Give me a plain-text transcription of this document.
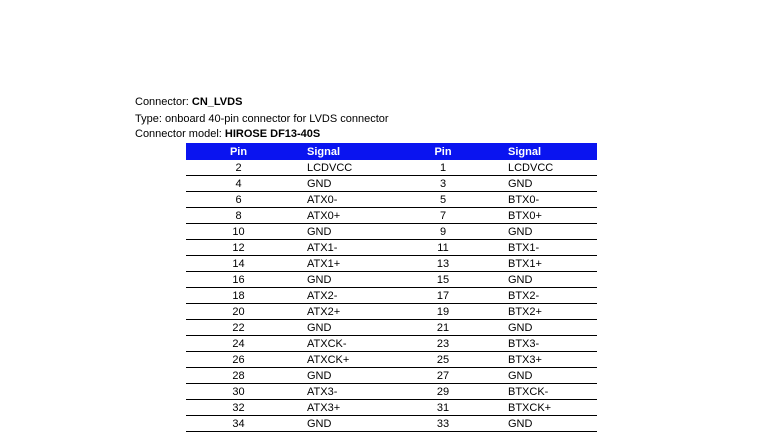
Connector: CN_LVDS
Type: onboard 40-pin connector for LVDS connector
Connector model: HIROSE DF13-40S
Pin	Signal	Pin	Signal
2	LCDVCC	1	LCDVCC
4	GND	3	GND
6	ATX0-	5	BTX0-
8	ATX0+	7	BTX0+
10	GND	9	GND
12	ATX1-	11	BTX1-
14	ATX1+	13	BTX1+
16	GND	15	GND
18	ATX2-	17	BTX2-
20	ATX2+	19	BTX2+
22	GND	21	GND
24	ATXCK-	23	BTX3-
26	ATXCK+	25	BTX3+
28	GND	27	GND
30	ATX3-	29	BTXCK-
32	ATX3+	31	BTXCK+
34	GND	33	GND
